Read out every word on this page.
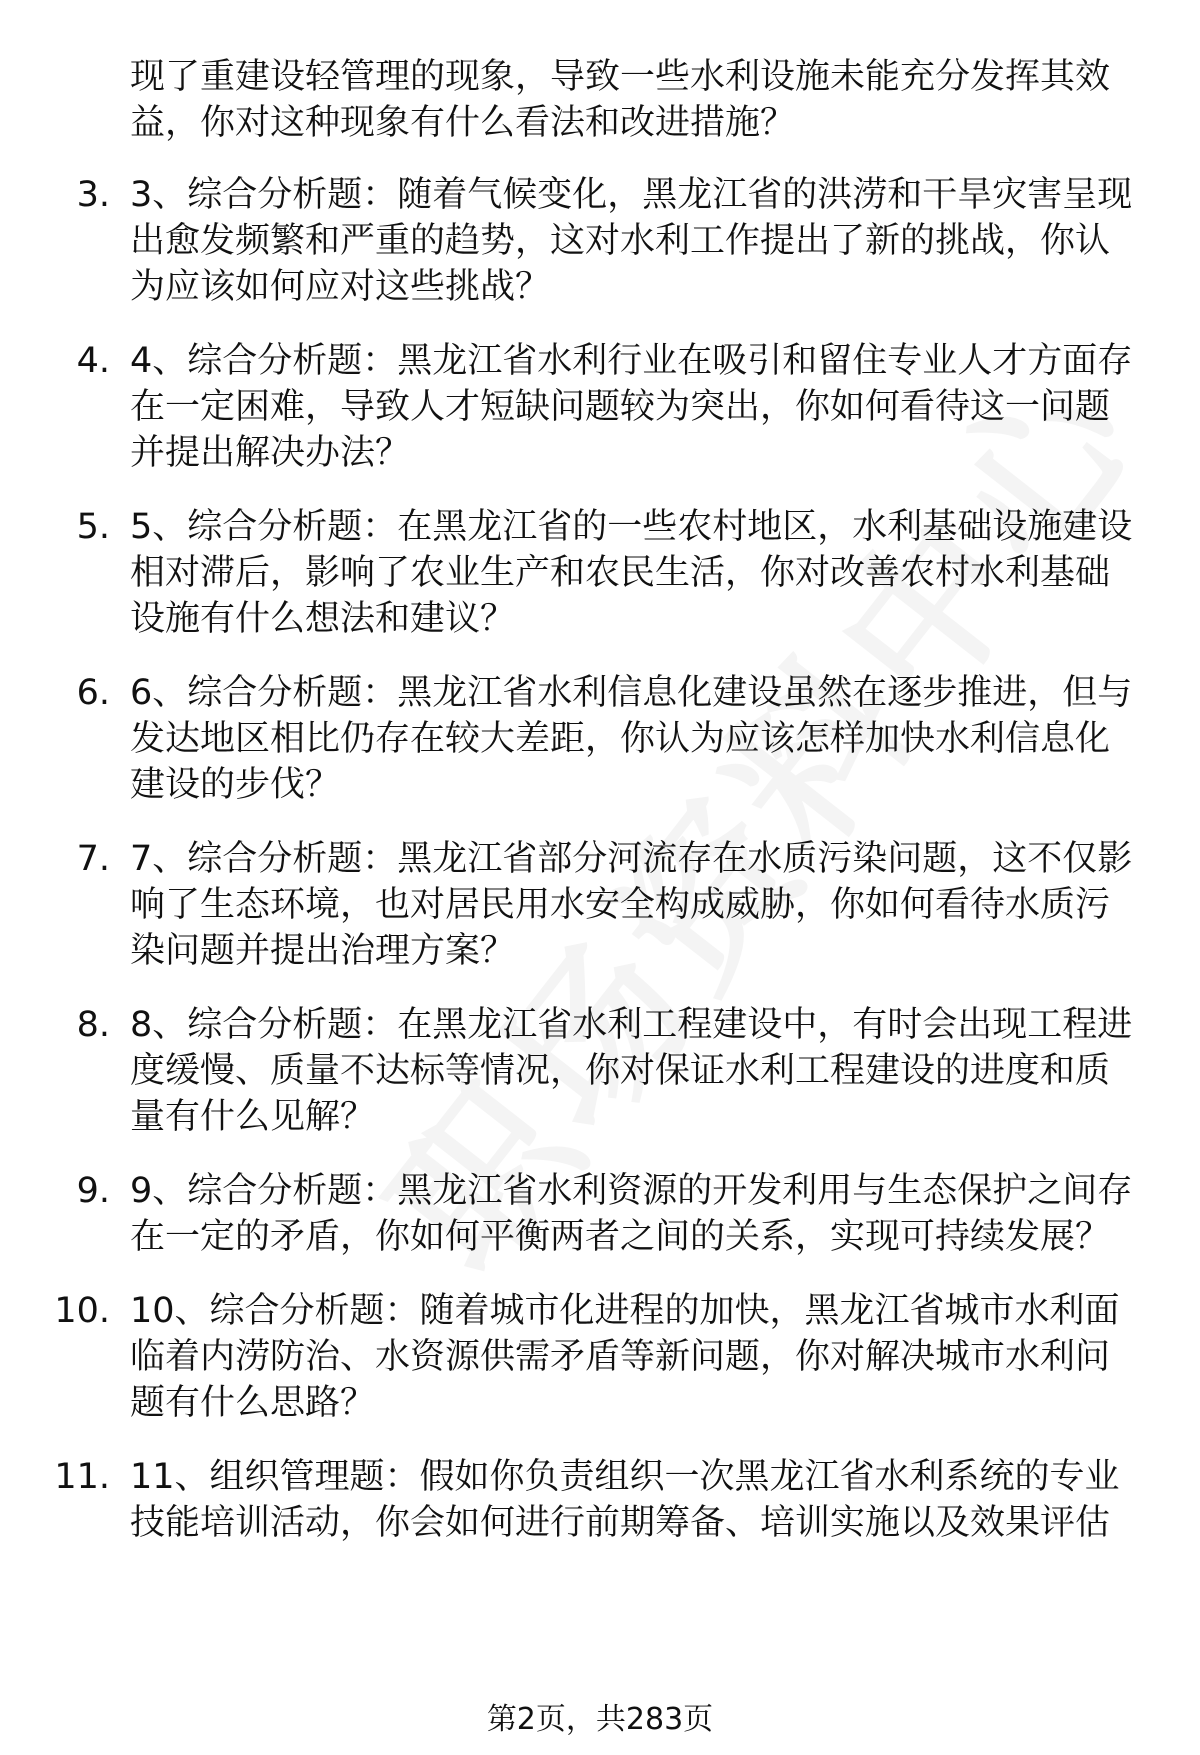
现了重建设轻管理的现象，导致一些水利设施未能充分发挥其效
益，你对这种现象有什么看法和改进措施？
3. 3、综合分析题：随着气候变化，黑龙江省的洪涝和干旱灾害呈现
出愈发频繁和严重的趋势，这对水利工作提出了新的挑战，你认
为应该如何应对这些挑战？
4. 4、综合分析题：黑龙江省水利行业在吸引和留住专业人才方面存
在一定困难，导致人才短缺问题较为突出，你如何看待这一问题
并提出解决办法？
5. 5、综合分析题：在黑龙江省的一些农村地区，水利基础设施建设
相对滞后，影响了农业生产和农民生活，你对改善农村水利基础
设施有什么想法和建议？
6. 6、综合分析题：黑龙江省水利信息化建设虽然在逐步推进，但与
发达地区相比仍存在较大差距，你认为应该怎样加快水利信息化
建设的步伐？
7. 7、综合分析题：黑龙江省部分河流存在水质污染问题，这不仅影
响了生态环境，也对居民用水安全构成威胁，你如何看待水质污
染问题并提出治理方案？
8. 8、综合分析题：在黑龙江省水利工程建设中，有时会出现工程进
度缓慢、质量不达标等情况，你对保证水利工程建设的进度和质
量有什么见解？
9. 9、综合分析题：黑龙江省水利资源的开发利用与生态保护之间存
在一定的矛盾，你如何平衡两者之间的关系，实现可持续发展？
10. 10、综合分析题：随着城市化进程的加快，黑龙江省城市水利面
临着内涝防治、水资源供需矛盾等新问题，你对解决城市水利问
题有什么思路？
11. 11、组织管理题：假如你负责组织一次黑龙江省水利系统的专业
技能培训活动，你会如何进行前期筹备、培训实施以及效果评估
第2页，共283页
